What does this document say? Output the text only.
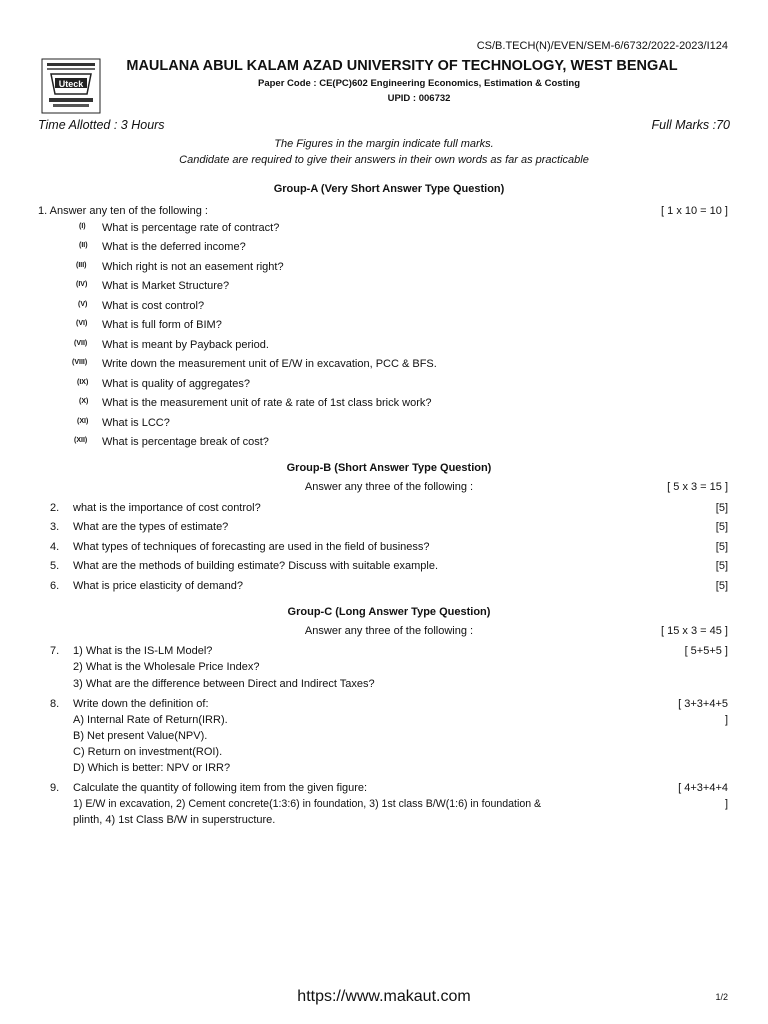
CS/B.TECH(N)/EVEN/SEM-6/6732/2022-2023/I124
Uteck
MAULANA ABUL KALAM AZAD UNIVERSITY OF TECHNOLOGY, WEST BENGAL
Paper Code : CE(PC)602 Engineering Economics, Estimation & Costing
UPID : 006732
Time Allotted : 3 Hours	Full Marks :70
The Figures in the margin indicate full marks.
Candidate are required to give their answers in their own words as far as practicable
Group-A (Very Short Answer Type Question)
1. Answer any ten of the following :	[ 1 x 10 = 10 ]
(I) What is percentage rate of contract?
(II) What is the deferred income?
(III) Which right is not an easement right?
(IV) What is Market Structure?
(V) What is cost control?
(VI) What is full form of BIM?
(VII) What is meant by Payback period.
(VIII) Write down the measurement unit of E/W in excavation, PCC & BFS.
(IX) What is quality of aggregates?
(X) What is the measurement unit of rate & rate of 1st class brick work?
(XI) What is LCC?
(XII) What is percentage break of cost?
Group-B (Short Answer Type Question)
Answer any three of the following :	[ 5 x 3 = 15 ]
2. what is the importance of cost control?	[5]
3. What are the types of estimate?	[5]
4. What types of techniques of forecasting are used in the field of business?	[5]
5. What are the methods of building estimate? Discuss with suitable example.	[5]
6. What is price elasticity of demand?	[5]
Group-C (Long Answer Type Question)
Answer any three of the following :	[ 15 x 3 = 45 ]
7. 1) What is the IS-LM Model?
2) What is the Wholesale Price Index?
3) What are the difference between Direct and Indirect Taxes?
[ 5+5+5 ]
8. Write down the definition of:
A) Internal Rate of Return(IRR).
B) Net present Value(NPV).
C) Return on investment(ROI).
D) Which is better: NPV or IRR?
[ 3+3+4+5
]
9. Calculate the quantity of following item from the given figure:
1) E/W in excavation, 2) Cement concrete(1:3:6) in foundation, 3) 1st class B/W(1:6) in foundation &
plinth, 4) 1st Class B/W in superstructure.
[ 4+3+4+4
]
https://www.makaut.com	1/2
